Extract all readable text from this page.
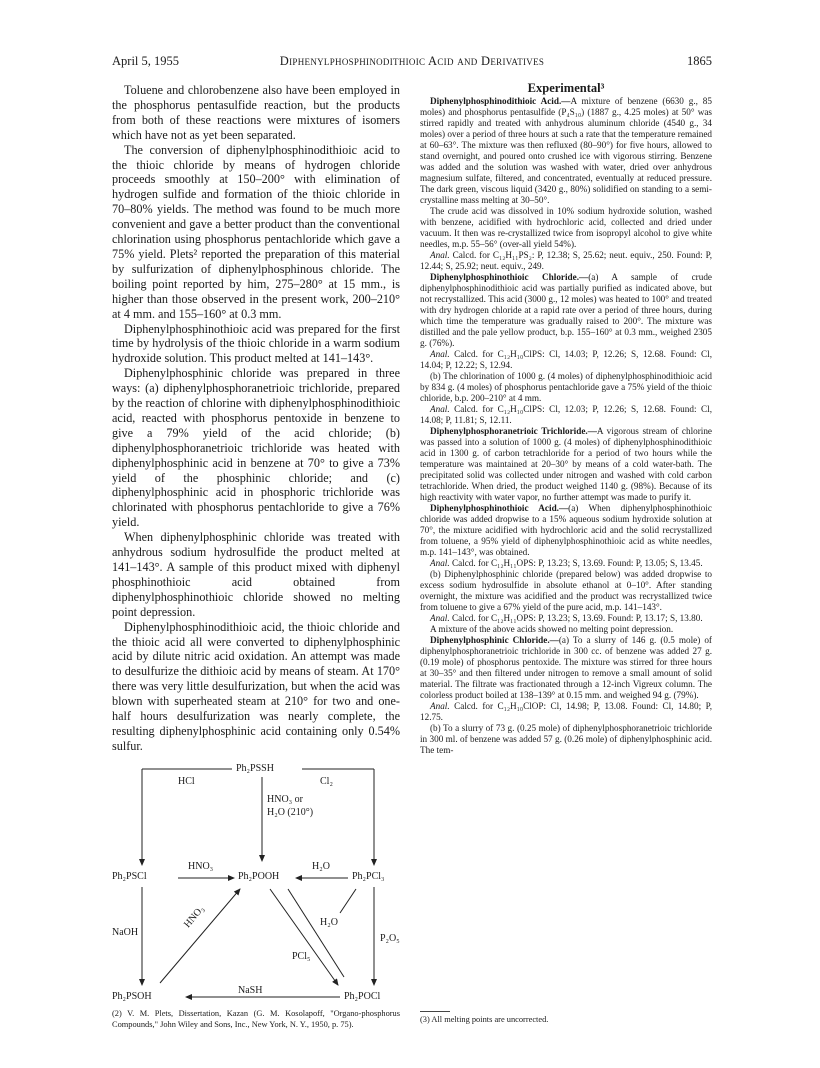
April 5, 1955	Diphenylphosphinodithioic Acid and Derivatives	1865

Toluene and chlorobenzene also have been employed in the phosphorus pentasulfide reaction, but the products from both of these reactions were mixtures of isomers which have not as yet been separated.

The conversion of diphenylphosphinodithioic acid to the thioic chloride by means of hydrogen chloride proceeds smoothly at 150–200° with elimination of hydrogen sulfide and formation of the thioic chloride in 70–80% yields. The method was found to be much more convenient and gave a better product than the conventional chlorination using phosphorus pentachloride which gave a 75% yield. Plets² reported the preparation of this material by sulfurization of diphenylphosphinous chloride. The boiling point reported by him, 275–280° at 15 mm., is higher than those observed in the present work, 200–210° at 4 mm. and 155–160° at 0.3 mm.

Diphenylphosphinothioic acid was prepared for the first time by hydrolysis of the thioic chloride in a warm sodium hydroxide solution. This product melted at 141–143°.

Diphenylphosphinic chloride was prepared in three ways: (a) diphenylphosphoranetrioic trichloride, prepared by the reaction of chlorine with diphenylphosphinodithioic acid, reacted with phosphorus pentoxide in benzene to give a 79% yield of the acid chloride; (b) diphenylphosphoranetrioic trichloride was heated with diphenylphosphinic acid in benzene at 70° to give a 73% yield of the phosphinic chloride; and (c) diphenylphosphinic acid in phosphoric trichloride was chlorinated with phosphorus pentachloride to give a 76% yield.

When diphenylphosphinic chloride was treated with anhydrous sodium hydrosulfide the product melted at 141–143°. A sample of this product mixed with diphenyl phosphinothioic acid obtained from diphenylphosphinothioic chloride showed no melting point depression.

Diphenylphosphinodithioic acid, the thioic chloride and the thioic acid all were converted to diphenylphosphinic acid by dilute nitric acid oxidation. An attempt was made to desulfurize the dithioic acid by means of steam. At 170° there was very little desulfurization, but when the acid was blown with superheated steam at 210° for two and one-half hours desulfurization was nearly complete, the resulting diphenylphosphinic acid containing only 0.54% sulfur.

Experimental³

Diphenylphosphinodithioic Acid.—A mixture of benzene (6630 g., 85 moles) and phosphorus pentasulfide (P₄S₁₀) (1887 g., 4.25 moles) at 50° was stirred rapidly and treated with anhydrous aluminum chloride (4540 g., 34 moles) over a period of three hours at such a rate that the temperature remained at 60–63°. The mixture was then refluxed (80–90°) for five hours, allowed to stand overnight, and poured onto crushed ice with vigorous stirring. Benzene was added and the solution was washed with water, dried over anhydrous magnesium sulfate, filtered, and concentrated, eventually at reduced pressure. The dark green, viscous liquid (3420 g., 80%) solidified on standing to a semi-crystalline mass melting at 30–50°.

The crude acid was dissolved in 10% sodium hydroxide solution, washed with benzene, acidified with hydrochloric acid, collected and dried under vacuum. It then was re-crystallized twice from isopropyl alcohol to give white needles, m.p. 55–56° (over-all yield 54%).

Anal. Calcd. for C₁₂H₁₁PS₂: P, 12.38; S, 25.62; neut. equiv., 250. Found: P, 12.44; S, 25.92; neut. equiv., 249.

Diphenylphosphinothioic Chloride.—(a) A sample of crude diphenylphosphinodithioic acid was partially purified as indicated above, but not recrystallized. This acid (3000 g., 12 moles) was heated to 100° and treated with dry hydrogen chloride at a rapid rate over a period of three hours, during which time the temperature was gradually raised to 200°. The mixture was distilled and the pale yellow product, b.p. 155–160° at 0.3 mm., weighed 2305 g. (76%).

Anal. Calcd. for C₁₂H₁₀ClPS: Cl, 14.03; P, 12.26; S, 12.68. Found: Cl, 14.04; P, 12.22; S, 12.94.

(b) The chlorination of 1000 g. (4 moles) of diphenylphosphinodithioic acid by 834 g. (4 moles) of phosphorus pentachloride gave a 75% yield of the thioic chloride, b.p. 200–210° at 4 mm.

Anal. Calcd. for C₁₂H₁₀ClPS: Cl, 12.03; P, 12.26; S, 12.68. Found: Cl, 14.08; P, 11.81; S, 12.11.

Diphenylphosphoranetrioic Trichloride.—A vigorous stream of chlorine was passed into a solution of 1000 g. (4 moles) of diphenylphosphinodithioic acid in 1300 g. of carbon tetrachloride for a period of two hours while the temperature was maintained at 20–30° by means of a cold water-bath. The precipitated solid was collected under nitrogen and washed with cold carbon tetrachloride. When dried, the product weighed 1140 g. (98%). Because of its high reactivity with water vapor, no further attempt was made to purify it.

Diphenylphosphinothioic Acid.—(a) When diphenylphosphinothioic chloride was added dropwise to a 15% aqueous sodium hydroxide solution at 70°, the mixture acidified with hydrochloric acid and the solid recrystallized from toluene, a 95% yield of diphenylphosphinothioic acid as white needles, m.p. 141–143°, was obtained.

Anal. Calcd. for C₁₂H₁₁OPS: P, 13.23; S, 13.69. Found: P, 13.05; S, 13.45.

(b) Diphenylphosphinic chloride (prepared below) was added dropwise to excess sodium hydrosulfide in absolute ethanol at 0–10°. After standing overnight, the mixture was acidified and the product was recrystallized twice from toluene to give a 67% yield of the pure acid, m.p. 141–143°.

Anal. Calcd. for C₁₂H₁₁OPS: P, 13.23; S, 13.69. Found: P, 13.17; S, 13.80.

A mixture of the above acids showed no melting point depression.

Diphenylphosphinic Chloride.—(a) To a slurry of 146 g. (0.5 mole) of diphenylphosphoranetrioic trichloride in 300 cc. of benzene was added 27 g. (0.19 mole) of phosphorus pentoxide. The mixture was stirred for three hours at 30–35° and then filtered under nitrogen to remove a small amount of solid material. The filtrate was fractionated through a 12-inch Vigreux column. The colorless product boiled at 138–139° at 0.15 mm. and weighed 94 g. (79%).

Anal. Calcd. for C₁₂H₁₀ClOP: Cl, 14.98; P, 13.08. Found: Cl, 14.80; P, 12.75.

(b) To a slurry of 73 g. (0.25 mole) of diphenylphosphoranetrioic trichloride in 300 ml. of benzene was added 57 g. (0.26 mole) of diphenylphosphinic acid. The tem-

Ph₂PSSH
HCl	Cl₂
HNO₃ or
H₂O (210°)
HNO₃
Ph₂PSCl	Ph₂POOH
H₂O
Ph₂PCl₃
NaOH
HNO₃	H₂O
PCl₅
P₂O₅
NaSH
Ph₂PSOH	Ph₂POCl
(2) V. M. Plets, Dissertation, Kazan (G. M. Kosolapoff, "Organo-phosphorus Compounds," John Wiley and Sons, Inc., New York, N. Y., 1950, p. 75).	(3) All melting points are uncorrected.
